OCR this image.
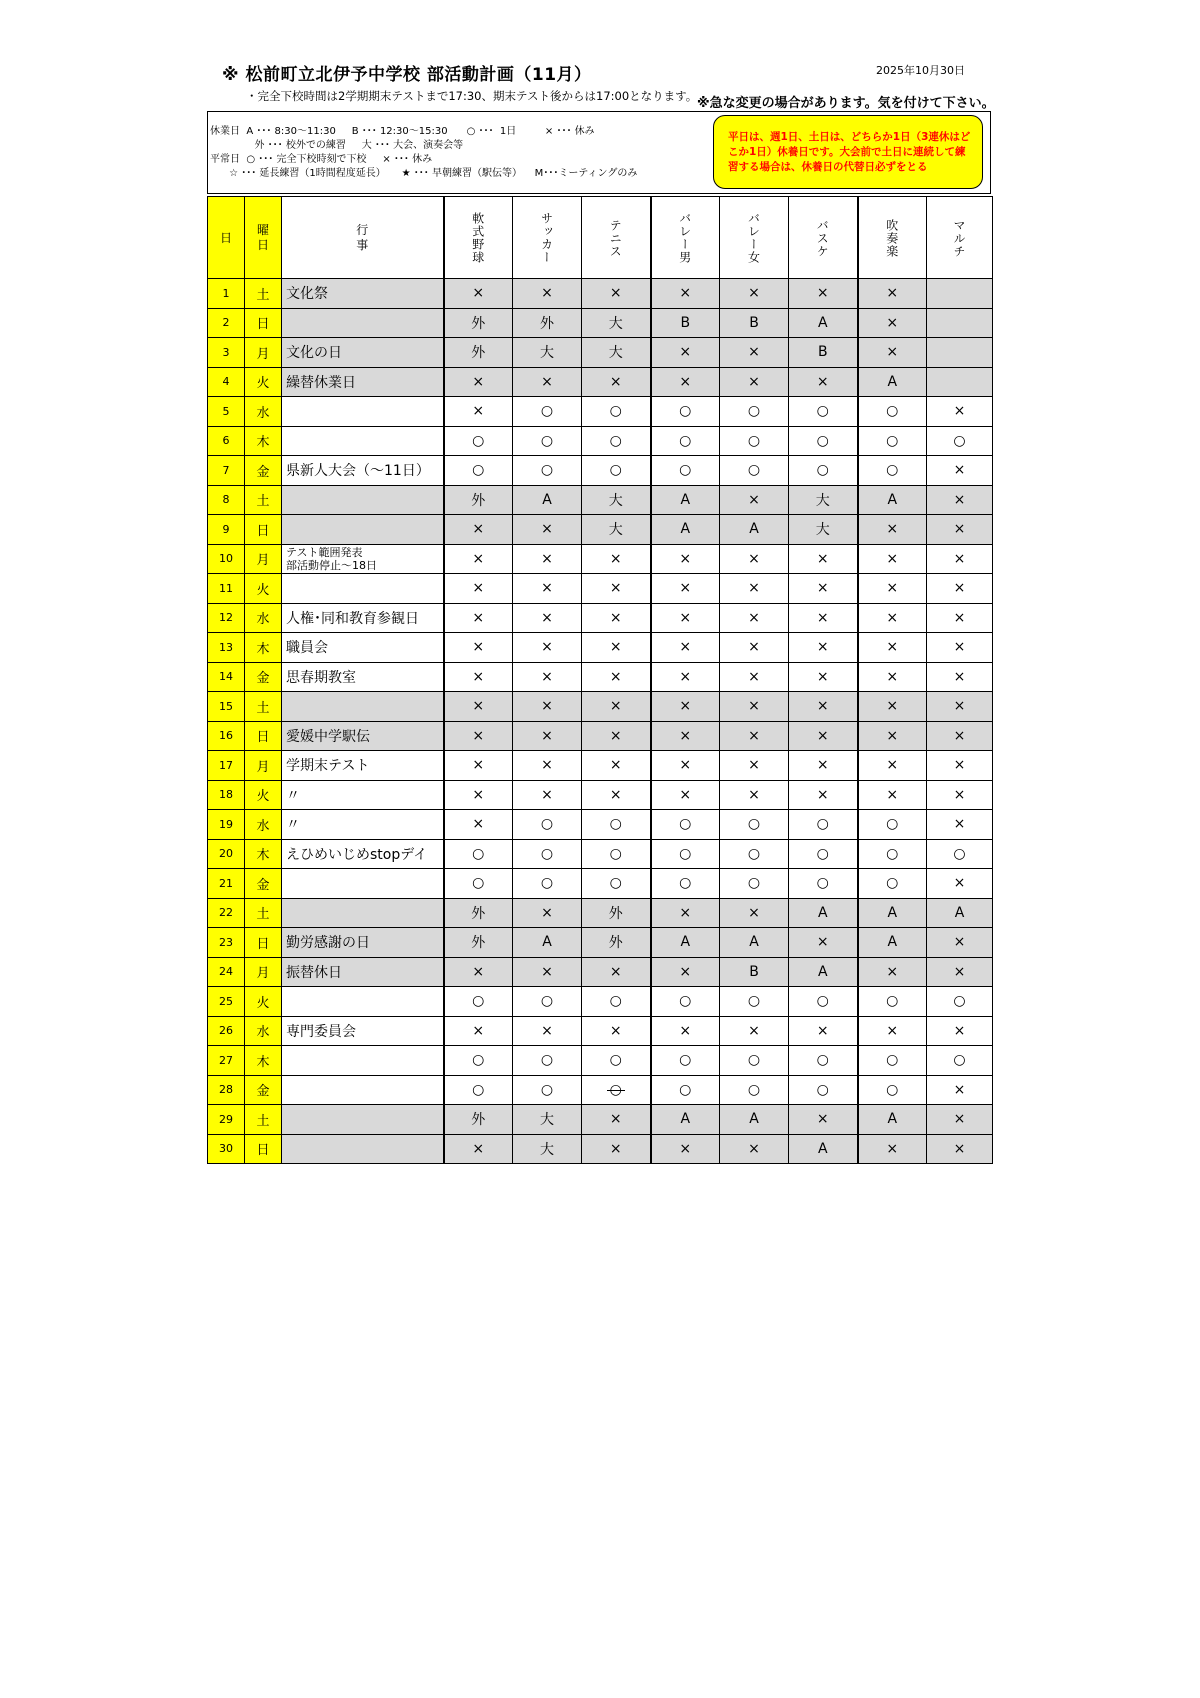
※ 松前町立北伊予中学校 部活動計画（11月）	2025年10月30日
・完全下校時間は2学期期末テストまで17:30、期末テスト後からは17:00となります。 ※急な変更の場合があります。気を付けて下さい。
休業日  A ･･･ 8:30～11:30     B ･･･ 12:30～15:30      ○ ･･･  1日         × ･･･ 休み
外 ･･･ 校外での練習     大 ･･･ 大会、演奏会等
平常日  ○ ･･･ 完全下校時刻で下校     × ･･･ 休み
☆ ･･･ 延長練習（1時間程度延長）     ★ ･･･ 早朝練習（駅伝等）    M･･･ミーティングのみ
平日は、週1日、土日は、どちらか1日（3連休はどこか1日）休養日です。大会前で土日に連続して練習する場合は、休養日の代替日必ずをとる
日	曜日	行事	軟式野球	サッカー	テニス	バレー男	バレー女	バスケ	吹奏楽	マルチ
1	土	文化祭	×	×	×	×	×	×	×	
2	日		外	外	大	B	B	A	×	
3	月	文化の日	外	大	大	×	×	B	×	
4	火	繰替休業日	×	×	×	×	×	×	A	
5	水		×	○	○	○	○	○	○	×
6	木		○	○	○	○	○	○	○	○
7	金	県新人大会（～11日）	○	○	○	○	○	○	○	×
8	土		外	A	大	A	×	大	A	×
9	日		×	×	大	A	A	大	×	×
10	月	テスト範囲発表
部活動停止～18日	×	×	×	×	×	×	×	×
11	火		×	×	×	×	×	×	×	×
12	水	人権･同和教育参観日	×	×	×	×	×	×	×	×
13	木	職員会	×	×	×	×	×	×	×	×
14	金	思春期教室	×	×	×	×	×	×	×	×
15	土		×	×	×	×	×	×	×	×
16	日	愛媛中学駅伝	×	×	×	×	×	×	×	×
17	月	学期末テスト	×	×	×	×	×	×	×	×
18	火	〃	×	×	×	×	×	×	×	×
19	水	〃	×	○	○	○	○	○	○	×
20	木	えひめいじめstopデイ	○	○	○	○	○	○	○	○
21	金		○	○	○	○	○	○	○	×
22	土		外	×	外	×	×	A	A	A
23	日	勤労感謝の日	外	A	外	A	A	×	A	×
24	月	振替休日	×	×	×	×	B	A	×	×
25	火		○	○	○	○	○	○	○	○
26	水	専門委員会	×	×	×	×	×	×	×	×
27	木		○	○	○	○	○	○	○	○
28	金		○	○	○	○	○	○	○	×
29	土		外	大	×	A	A	×	A	×
30	日		×	大	×	×	×	A	×	×
